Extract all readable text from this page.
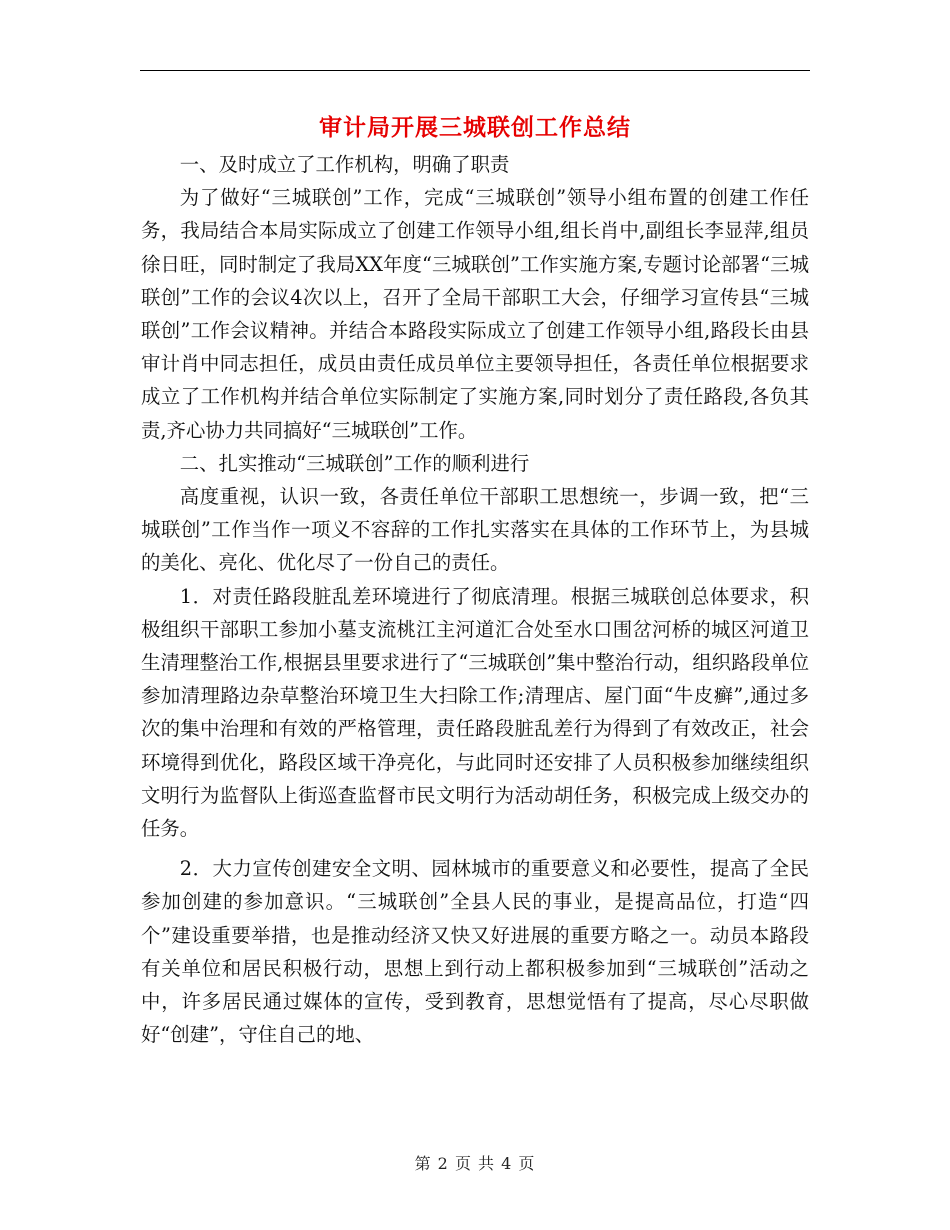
审计局开展三城联创工作总结

一、及时成立了工作机构，明确了职责

为了做好“三城联创”工作，完成“三城联创”领导小组布置的创建工作任务，我局结合本局实际成立了创建工作领导小组,组长肖中,副组长李显萍,组员徐日旺，同时制定了我局XX年度“三城联创”工作实施方案,专题讨论部署“三城联创”工作的会议4次以上，召开了全局干部职工大会，仔细学习宣传县“三城联创”工作会议精神。并结合本路段实际成立了创建工作领导小组,路段长由县审计肖中同志担任，成员由责任成员单位主要领导担任，各责任单位根据要求成立了工作机构并结合单位实际制定了实施方案,同时划分了责任路段,各负其责,齐心协力共同搞好“三城联创”工作。

二、扎实推动“三城联创”工作的顺利进行

高度重视，认识一致，各责任单位干部职工思想统一，步调一致，把“三城联创”工作当作一项义不容辞的工作扎实落实在具体的工作环节上，为县城的美化、亮化、优化尽了一份自己的责任。

1．对责任路段脏乱差环境进行了彻底清理。根据三城联创总体要求，积极组织干部职工参加小墓支流桃江主河道汇合处至水口围岔河桥的城区河道卫生清理整治工作,根据县里要求进行了“三城联创”集中整治行动，组织路段单位参加清理路边杂草整治环境卫生大扫除工作;清理店、屋门面“牛皮癣”,通过多次的集中治理和有效的严格管理，责任路段脏乱差行为得到了有效改正，社会环境得到优化，路段区域干净亮化，与此同时还安排了人员积极参加继续组织文明行为监督队上街巡查监督市民文明行为活动胡任务，积极完成上级交办的任务。

2．大力宣传创建安全文明、园林城市的重要意义和必要性，提高了全民参加创建的参加意识。“三城联创”全县人民的事业，是提高品位，打造“四个”建设重要举措，也是推动经济又快又好进展的重要方略之一。动员本路段有关单位和居民积极行动，思想上到行动上都积极参加到“三城联创”活动之中，许多居民通过媒体的宣传，受到教育，思想觉悟有了提高，尽心尽职做好“创建”，守住自己的地、

第 2 页 共 4 页
